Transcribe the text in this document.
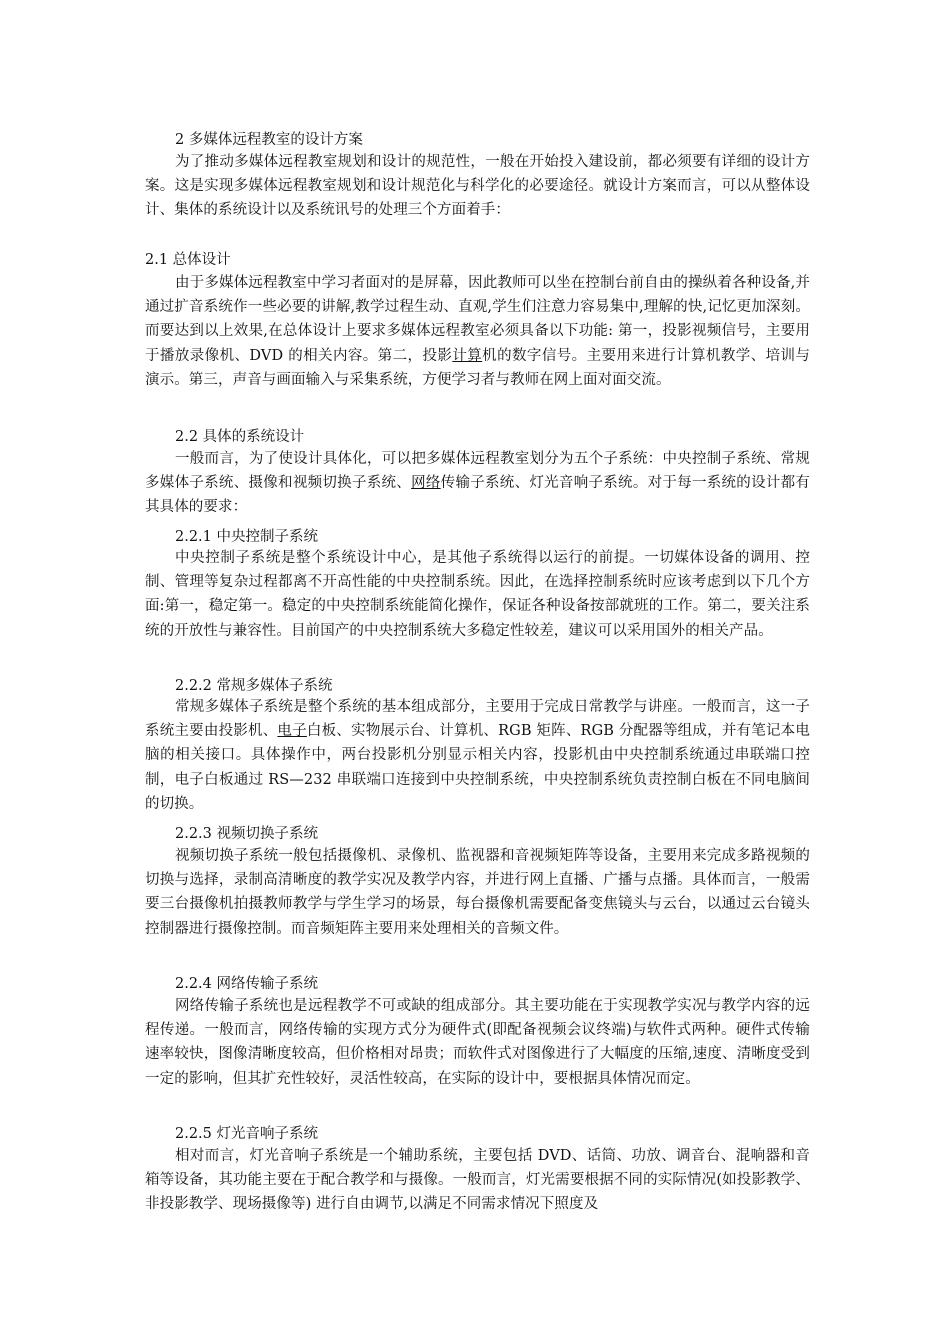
2 多媒体远程教室的设计方案

为了推动多媒体远程教室规划和设计的规范性，一般在开始投入建设前，都必须要有详细的设计方案。这是实现多媒体远程教室规划和设计规范化与科学化的必要途径。就设计方案而言，可以从整体设计、集体的系统设计以及系统讯号的处理三个方面着手：

2.1 总体设计

由于多媒体远程教室中学习者面对的是屏幕，因此教师可以坐在控制台前自由的操纵着各种设备,并通过扩音系统作一些必要的讲解,教学过程生动、直观,学生们注意力容易集中,理解的快,记忆更加深刻。而要达到以上效果,在总体设计上要求多媒体远程教室必须具备以下功能: 第一，投影视频信号，主要用于播放录像机、DVD 的相关内容。第二，投影计算机的数字信号。主要用来进行计算机教学、培训与演示。第三，声音与画面输入与采集系统，方便学习者与教师在网上面对面交流。

2.2 具体的系统设计

一般而言，为了使设计具体化，可以把多媒体远程教室划分为五个子系统：中央控制子系统、常规多媒体子系统、摄像和视频切换子系统、网络传输子系统、灯光音响子系统。对于每一系统的设计都有其具体的要求：

2.2.1 中央控制子系统

中央控制子系统是整个系统设计中心，是其他子系统得以运行的前提。一切媒体设备的调用、控制、管理等复杂过程都离不开高性能的中央控制系统。因此，在选择控制系统时应该考虑到以下几个方面:第一，稳定第一。稳定的中央控制系统能简化操作，保证各种设备按部就班的工作。第二，要关注系统的开放性与兼容性。目前国产的中央控制系统大多稳定性较差，建议可以采用国外的相关产品。

2.2.2 常规多媒体子系统

常规多媒体子系统是整个系统的基本组成部分，主要用于完成日常教学与讲座。一般而言，这一子系统主要由投影机、电子白板、实物展示台、计算机、RGB 矩阵、RGB 分配器等组成，并有笔记本电脑的相关接口。具体操作中，两台投影机分别显示相关内容，投影机由中央控制系统通过串联端口控制，电子白板通过 RS—232 串联端口连接到中央控制系统，中央控制系统负责控制白板在不同电脑间的切换。

2.2.3 视频切换子系统

视频切换子系统一般包括摄像机、录像机、监视器和音视频矩阵等设备，主要用来完成多路视频的切换与选择，录制高清晰度的教学实况及教学内容，并进行网上直播、广播与点播。具体而言，一般需要三台摄像机拍摄教师教学与学生学习的场景，每台摄像机需要配备变焦镜头与云台，以通过云台镜头控制器进行摄像控制。而音频矩阵主要用来处理相关的音频文件。

2.2.4 网络传输子系统

网络传输子系统也是远程教学不可或缺的组成部分。其主要功能在于实现教学实况与教学内容的远程传递。一般而言，网络传输的实现方式分为硬件式(即配备视频会议终端)与软件式两种。硬件式传输速率较快，图像清晰度较高，但价格相对昂贵；而软件式对图像进行了大幅度的压缩,速度、清晰度受到一定的影响，但其扩充性较好，灵活性较高，在实际的设计中，要根据具体情况而定。

2.2.5 灯光音响子系统

相对而言，灯光音响子系统是一个辅助系统，主要包括 DVD、话筒、功放、调音台、混响器和音箱等设备，其功能主要在于配合教学和与摄像。一般而言，灯光需要根据不同的实际情况(如投影教学、非投影教学、现场摄像等) 进行自由调节,以满足不同需求情况下照度及
